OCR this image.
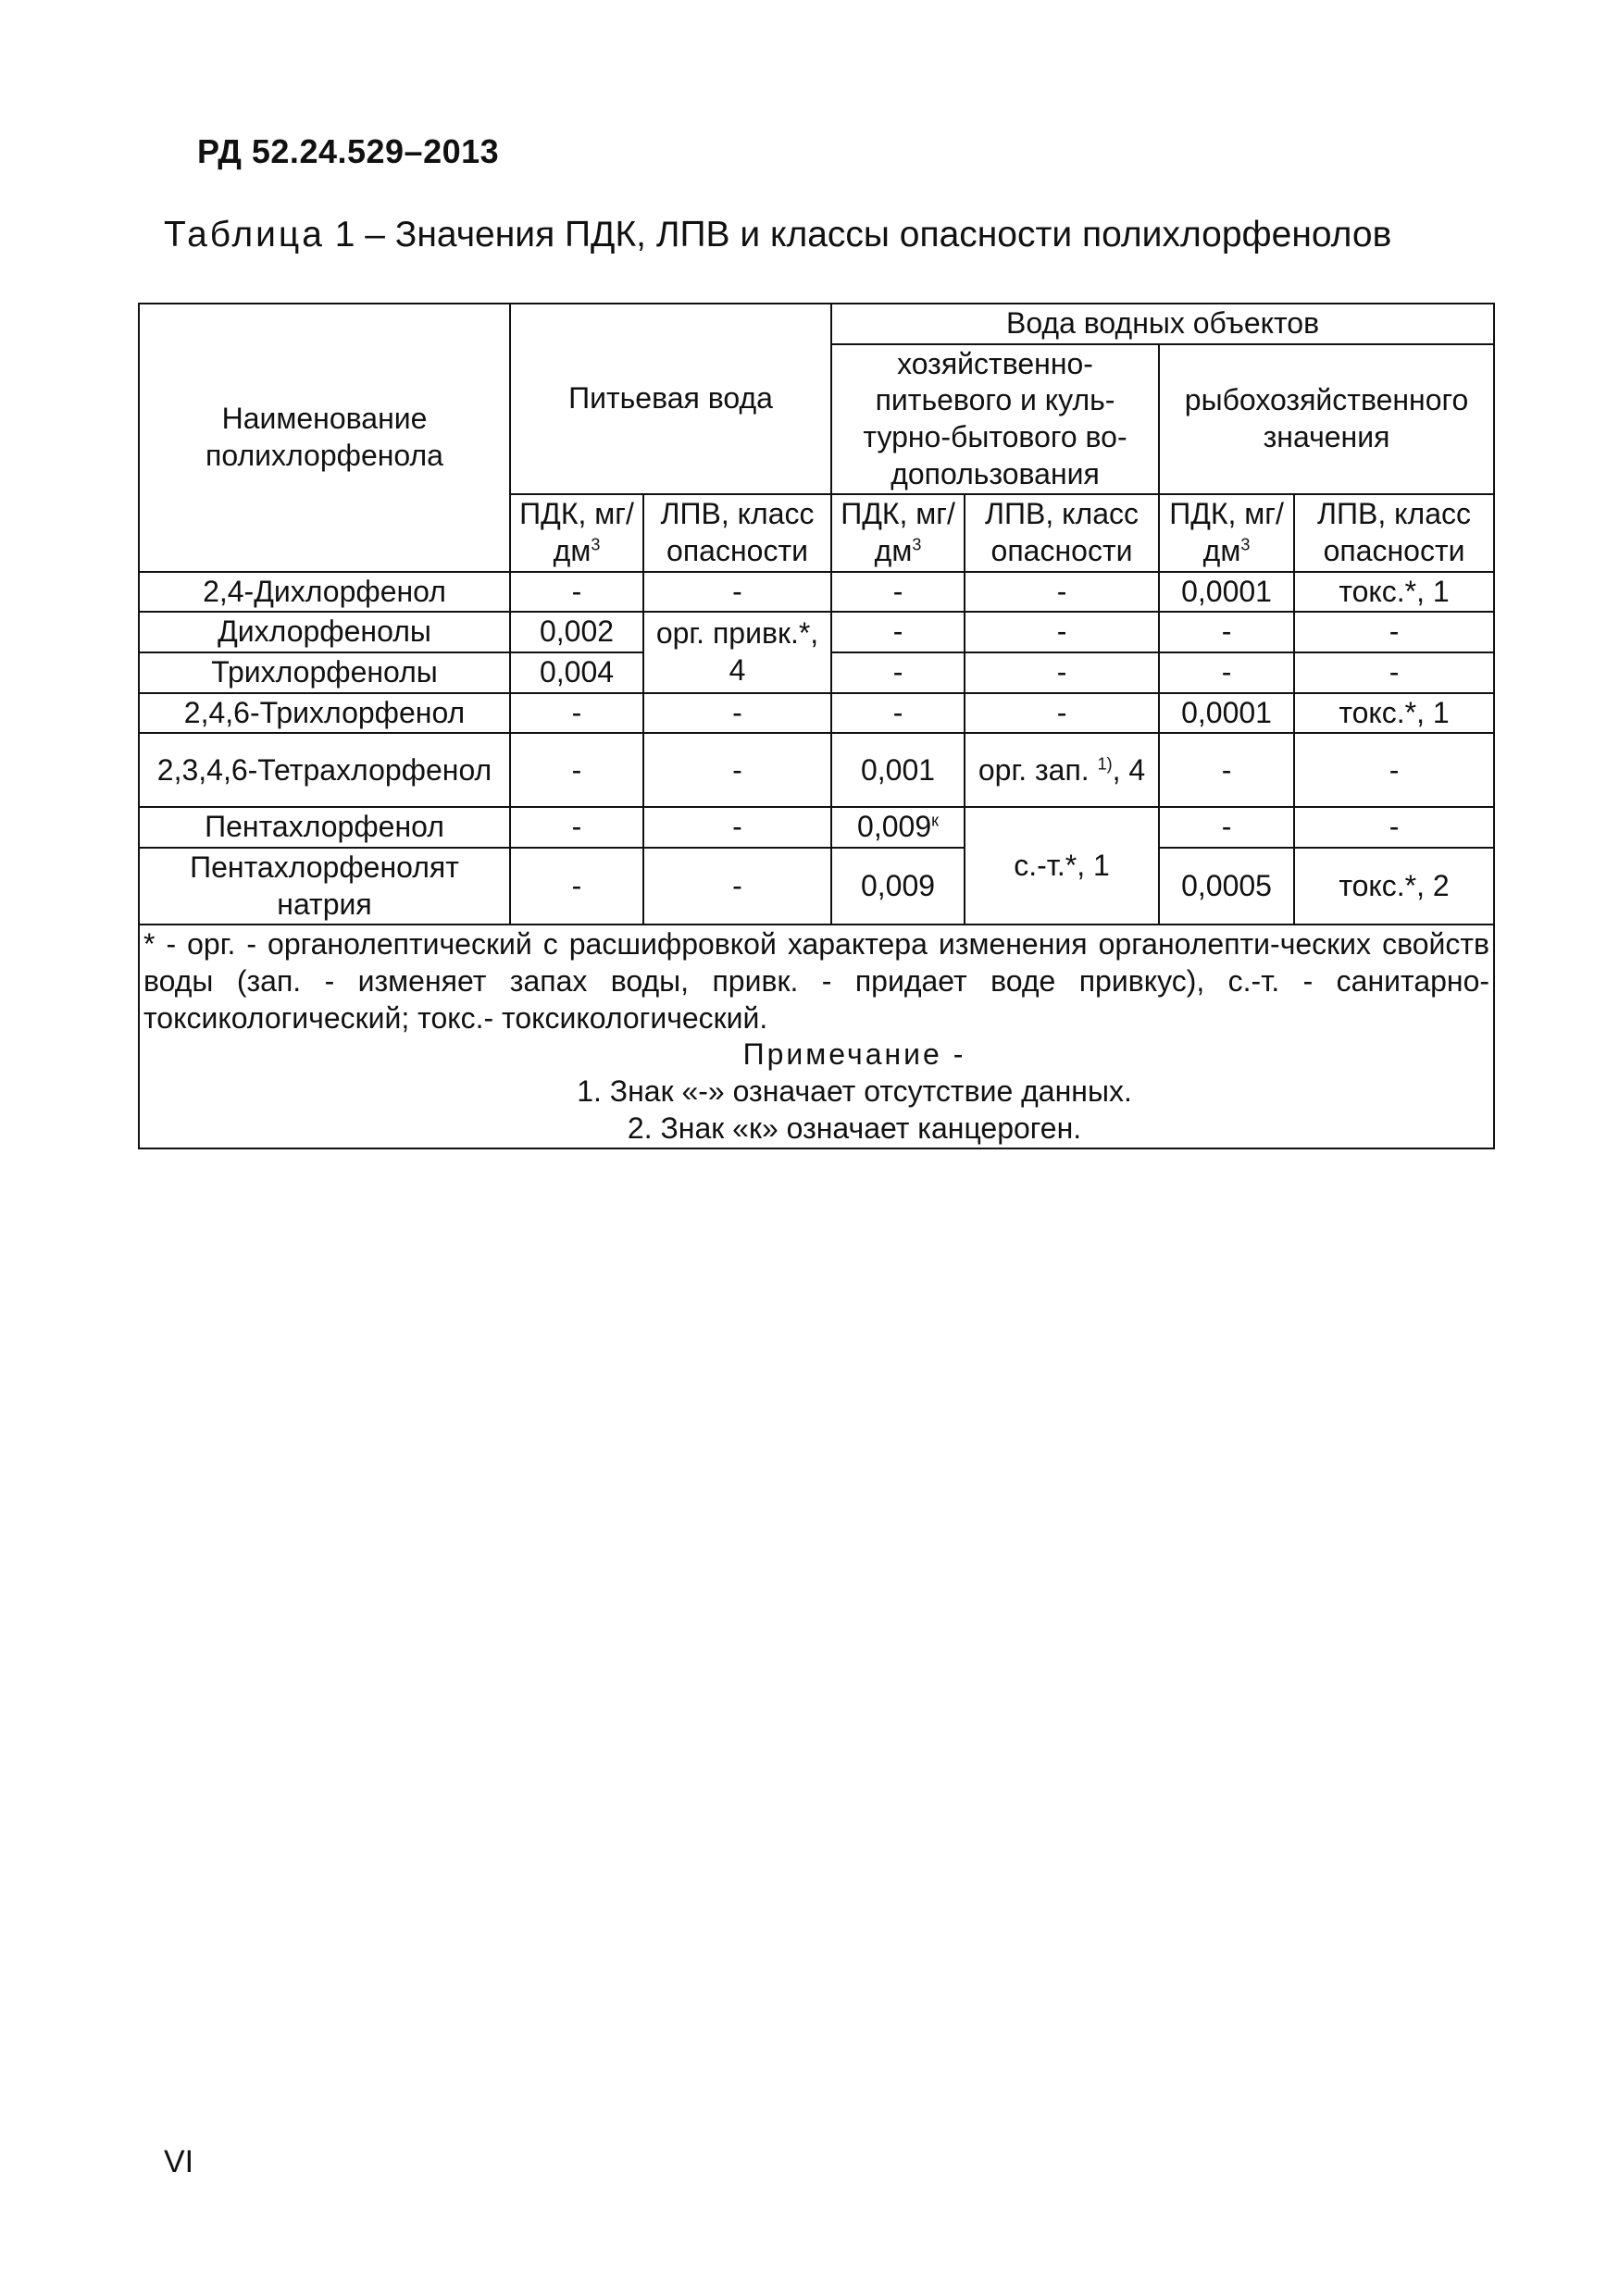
РД 52.24.529–2013
Таблица 1 – Значения ПДК, ЛПВ и классы опасности полихлорфенолов
Наименование полихлорфенола	Питьевая вода		Вода водных объектов			
			хозяйственно-питьевого и куль-турно-бытового во-допользования		рыбохозяйственного значения	
	ПДК, $мг/дм^3$	ЛПВ, класс опасности	ПДК, $мг/дм^3$	ЛПВ, класс опасности	ПДК, $мг/дм^3$	ЛПВ, класс опасности
2,4-Дихлорфенол	-	-	-	-	0,0001	токс.*, 1
Дихлорфенолы	0,002	орг. привк.*, 4	-	-	-	-
Трихлорфенолы	0,004		-	-	-	-
2,4,6-Трихлорфенол	-	-	-	-	0,0001	токс.*, 1
2,3,4,6-Тетрахлорфенол	-	-	0,001	орг. зап. $^{1)}$, 4	-	-
Пентахлорфенол	-	-	$0,009^к$	с.-т.*, 1	-	-
Пентахлорфенолят натрия	-	-	0,009		0,0005	токс.*, 2

* - орг. - органолептический с расшифровкой характера изменения органолепти-ческих свойств воды (зап. - изменяет запах воды, привк. - придает воде привкус), с.-т. - санитарно-токсикологический; токс.- токсикологический.
Примечание -
1. Знак «-» означает отсутствие данных.
2. Знак «к» означает канцероген.						
VI
